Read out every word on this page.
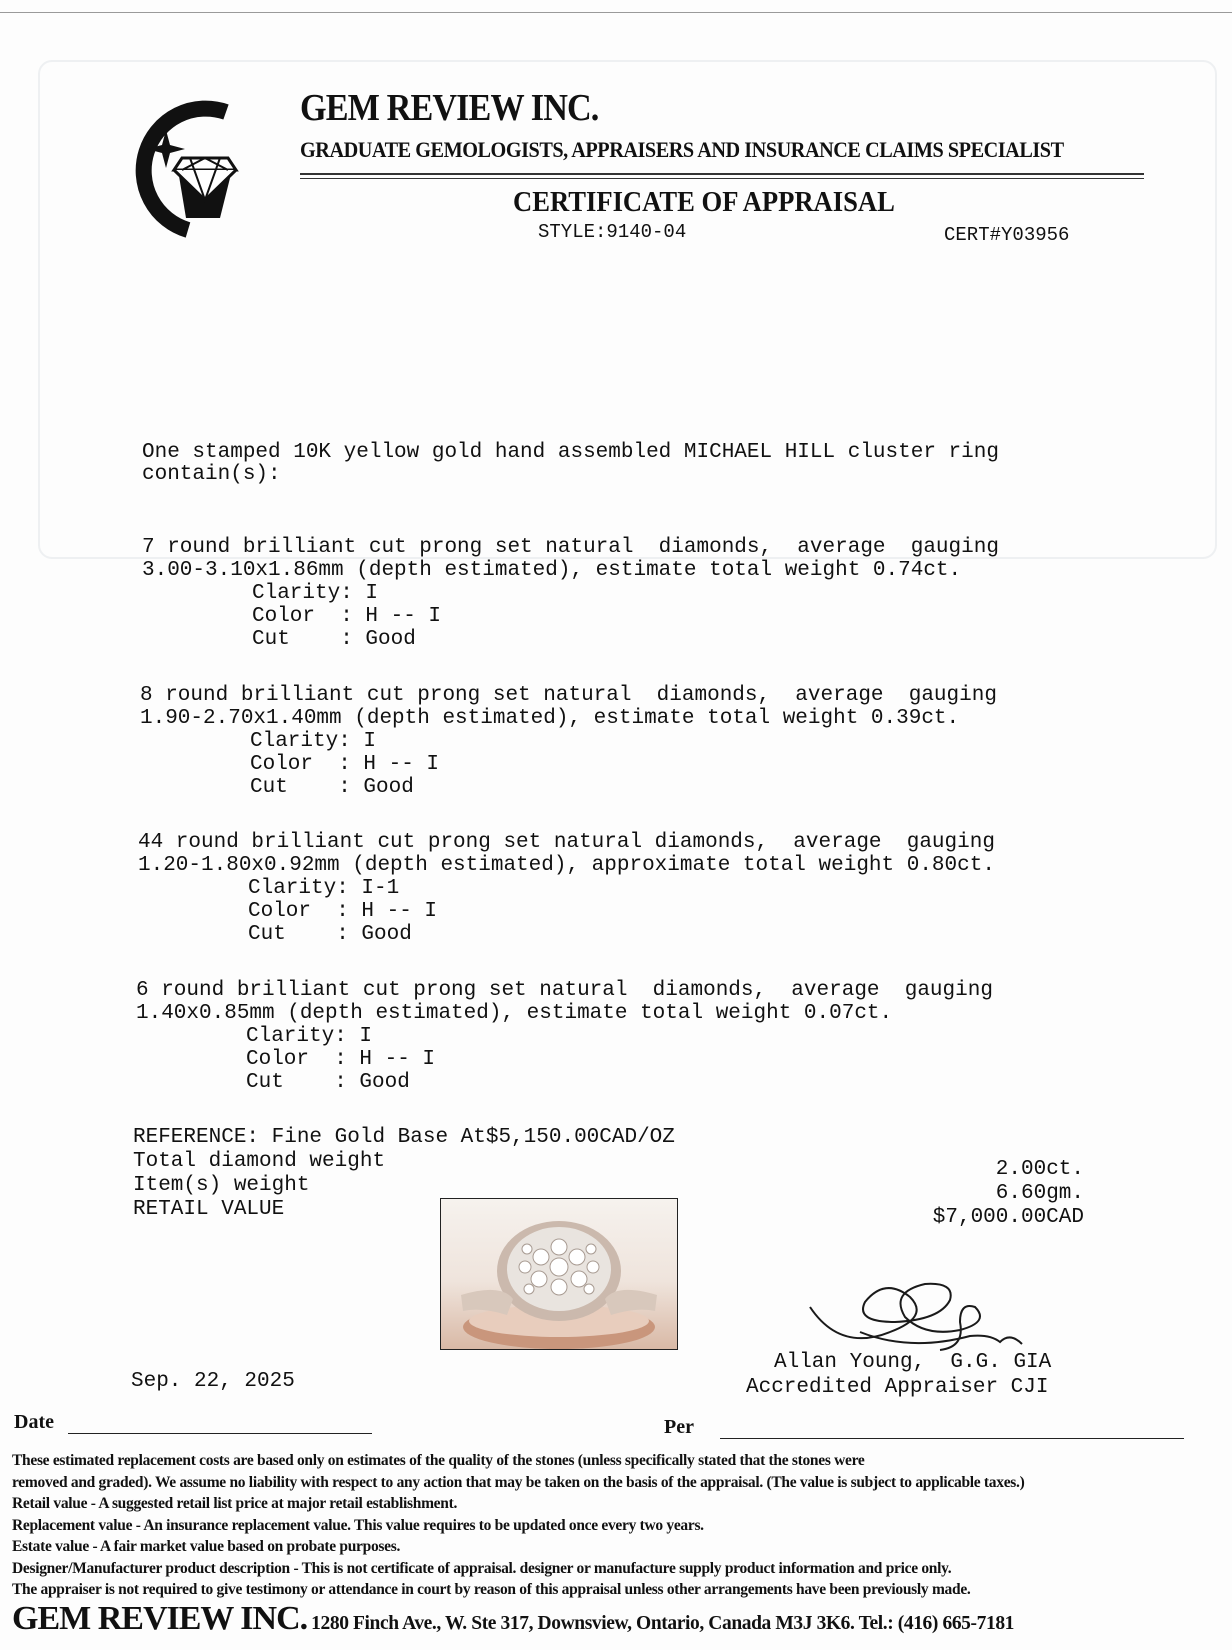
GEM REVIEW INC.
GRADUATE GEMOLOGISTS, APPRAISERS AND INSURANCE CLAIMS SPECIALIST
CERTIFICATE OF APPRAISAL
STYLE:9140-04	CERT#Y03956
One stamped 10K yellow gold hand assembled MICHAEL HILL cluster ring
contain(s):
7 round brilliant cut prong set natural  diamonds,  average  gauging
3.00-3.10x1.86mm (depth estimated), estimate total weight 0.74ct.
Clarity: I
Color  : H -- I
Cut    : Good
8 round brilliant cut prong set natural  diamonds,  average  gauging
1.90-2.70x1.40mm (depth estimated), estimate total weight 0.39ct.
Clarity: I
Color  : H -- I
Cut    : Good
44 round brilliant cut prong set natural diamonds,  average  gauging
1.20-1.80x0.92mm (depth estimated), approximate total weight 0.80ct.
Clarity: I-1
Color  : H -- I
Cut    : Good
6 round brilliant cut prong set natural  diamonds,  average  gauging
1.40x0.85mm (depth estimated), estimate total weight 0.07ct.
Clarity: I
Color  : H -- I
Cut    : Good
REFERENCE: Fine Gold Base At$5,150.00CAD/OZ
Total diamond weight
Item(s) weight
RETAIL VALUE
2.00ct.
6.60gm.
$7,000.00CAD
Sep. 22, 2025
Allan Young,  G.G. GIA
Accredited Appraiser CJI
Date	Per
These estimated replacement costs are based only on estimates of the quality of the stones (unless specifically stated that the stones were
removed and graded). We assume no liability with respect to any action that may be taken on the basis of the appraisal. (The value is subject to applicable taxes.)
Retail value - A suggested retail list price at major retail establishment.
Replacement value - An insurance replacement value. This value requires to be updated once every two years.
Estate value - A fair market value based on probate purposes.
Designer/Manufacturer product description - This is not certificate of appraisal. designer or manufacture supply product information and price only.
The appraiser is not required to give testimony or attendance in court by reason of this appraisal unless other arrangements have been previously made.
GEM REVIEW INC. 1280 Finch Ave., W. Ste 317, Downsview, Ontario, Canada M3J 3K6. Tel.: (416) 665-7181
